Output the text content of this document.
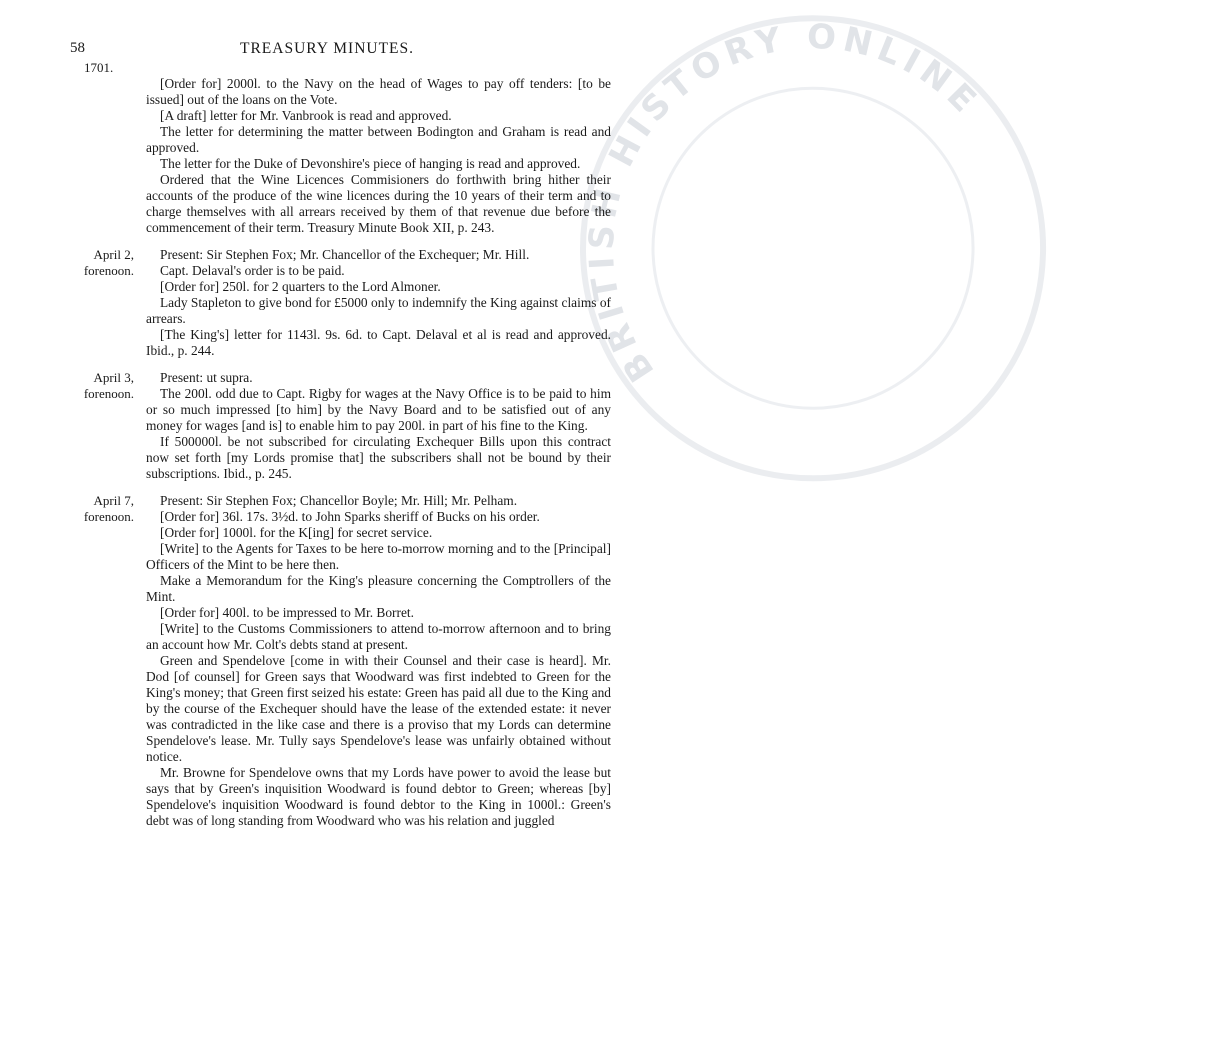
BRITISH HISTORY ONLINE
58	TREASURY MINUTES.
1701.

[Order for] 2000l. to the Navy on the head of Wages to pay off tenders: [to be issued] out of the loans on the Vote.

[A draft] letter for Mr. Vanbrook is read and approved.

The letter for determining the matter between Bodington and Graham is read and approved.

The letter for the Duke of Devonshire's piece of hanging is read and approved.

Ordered that the Wine Licences Commisioners do forthwith bring hither their accounts of the produce of the wine licences during the 10 years of their term and to charge themselves with all arrears received by them of that revenue due before the commencement of their term. Treasury Minute Book XII, p. 243.

April 2,
forenoon.

Present: Sir Stephen Fox; Mr. Chancellor of the Exchequer; Mr. Hill.

Capt. Delaval's order is to be paid.

[Order for] 250l. for 2 quarters to the Lord Almoner.

Lady Stapleton to give bond for £5000 only to indemnify the King against claims of arrears.

[The King's] letter for 1143l. 9s. 6d. to Capt. Delaval et al is read and approved. Ibid., p. 244.

April 3,
forenoon.

Present: ut supra.

The 200l. odd due to Capt. Rigby for wages at the Navy Office is to be paid to him or so much impressed [to him] by the Navy Board and to be satisfied out of any money for wages [and is] to enable him to pay 200l. in part of his fine to the King.

If 500000l. be not subscribed for circulating Exchequer Bills upon this contract now set forth [my Lords promise that] the subscribers shall not be bound by their subscriptions. Ibid., p. 245.

April 7,
forenoon.

Present: Sir Stephen Fox; Chancellor Boyle; Mr. Hill; Mr. Pelham.

[Order for] 36l. 17s. 3½d. to John Sparks sheriff of Bucks on his order.

[Order for] 1000l. for the K[ing] for secret service.

[Write] to the Agents for Taxes to be here to-morrow morning and to the [Principal] Officers of the Mint to be here then.

Make a Memorandum for the King's pleasure concerning the Comptrollers of the Mint.

[Order for] 400l. to be impressed to Mr. Borret.

[Write] to the Customs Commissioners to attend to-morrow afternoon and to bring an account how Mr. Colt's debts stand at present.

Green and Spendelove [come in with their Counsel and their case is heard]. Mr. Dod [of counsel] for Green says that Woodward was first indebted to Green for the King's money; that Green first seized his estate: Green has paid all due to the King and by the course of the Exchequer should have the lease of the extended estate: it never was contradicted in the like case and there is a proviso that my Lords can determine Spendelove's lease. Mr. Tully says Spendelove's lease was unfairly obtained without notice.

Mr. Browne for Spendelove owns that my Lords have power to avoid the lease but says that by Green's inquisition Woodward is found debtor to Green; whereas [by] Spendelove's inquisition Woodward is found debtor to the King in 1000l.: Green's debt was of long standing from Woodward who was his relation and juggled
